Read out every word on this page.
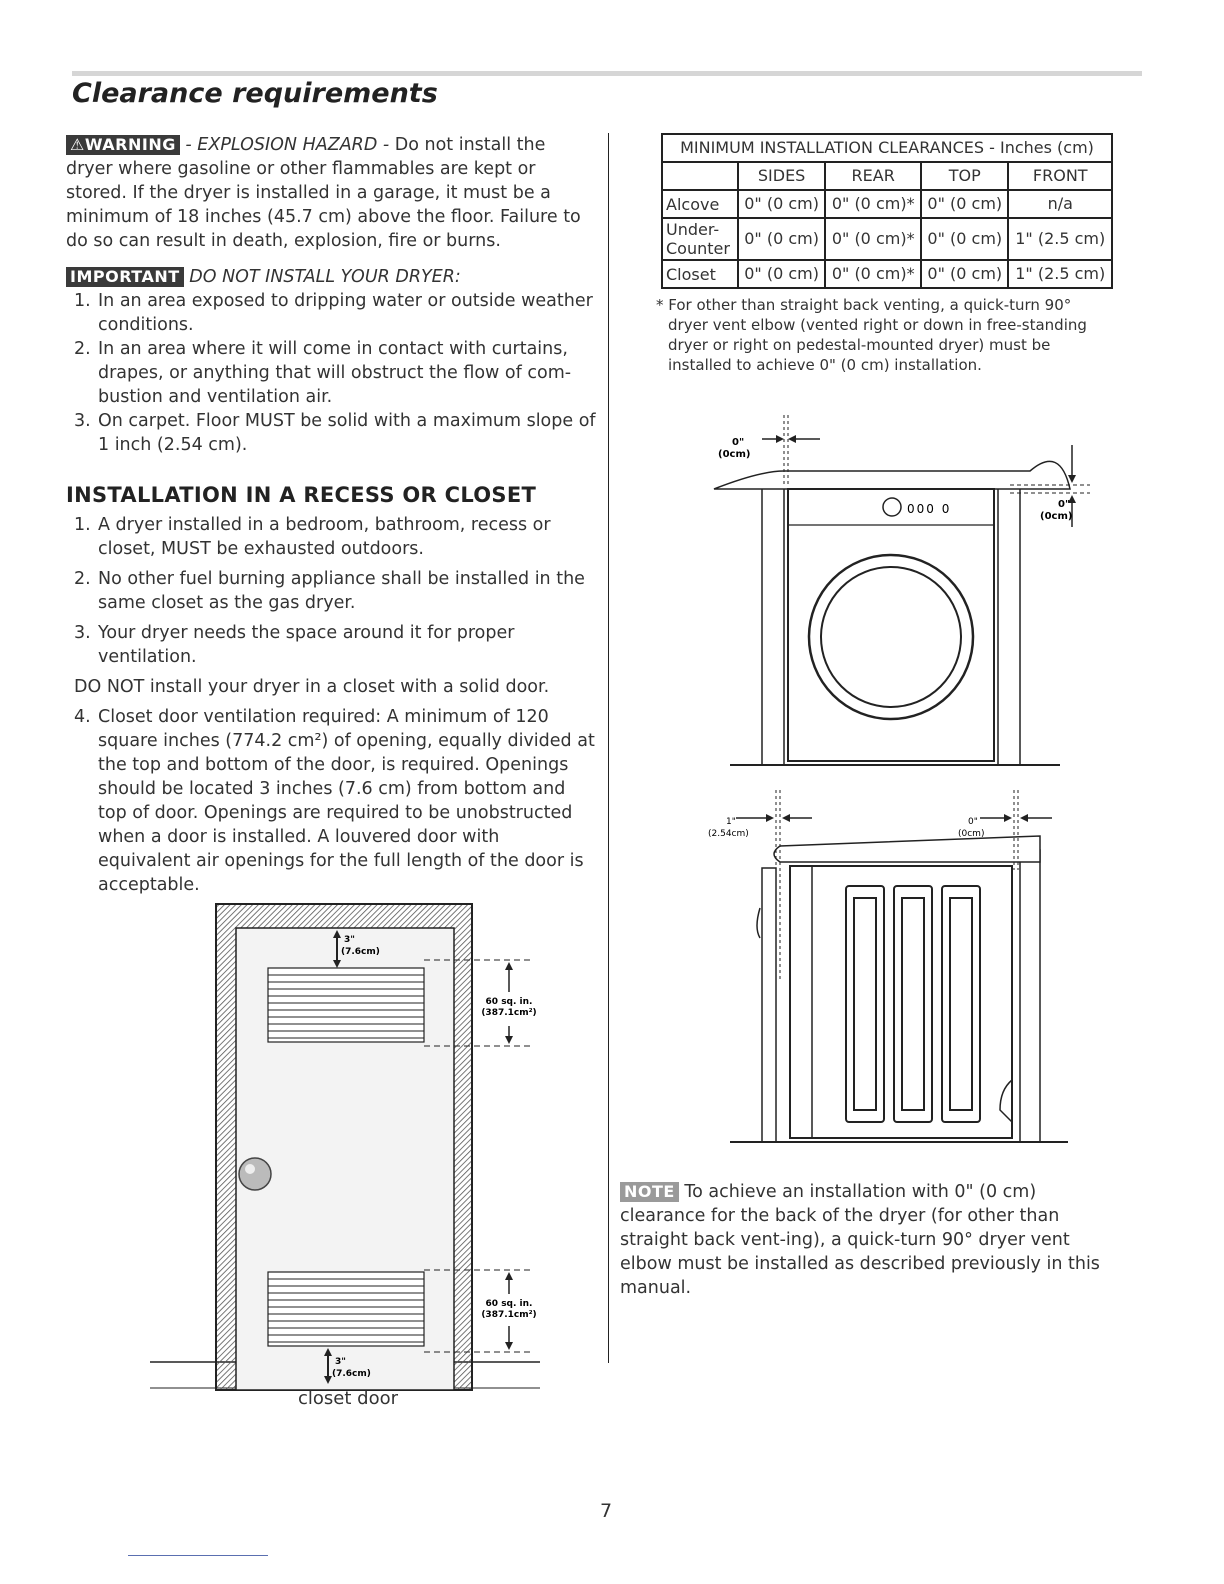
Clearance requirements

⚠WARNING - EXPLOSION HAZARD - Do not install the dryer where gasoline or other flammables are kept or stored. If the dryer is installed in a garage, it must be a minimum of 18 inches (45.7 cm) above the floor. Failure to do so can result in death, explosion, fire or burns.

IMPORTANT DO NOT INSTALL YOUR DRYER:

1. In an area exposed to dripping water or outside weather conditions.
2. In an area where it will come in contact with curtains, drapes, or anything that will obstruct the flow of com-bustion and ventilation air.
3. On carpet. Floor MUST be solid with a maximum slope of 1 inch (2.54 cm).
INSTALLATION IN A RECESS OR CLOSET
1. A dryer installed in a bedroom, bathroom, recess or closet, MUST be exhausted outdoors.
2. No other fuel burning appliance shall be installed in the same closet as the gas dryer.
3. Your dryer needs the space around it for proper ventilation.

DO NOT install your dryer in a closet with a solid door.

4. Closet door ventilation required: A minimum of 120 square inches (774.2 cm²) of opening, equally divided at the top and bottom of the door, is required. Openings should be located 3 inches (7.6 cm) from bottom and top of door. Openings are required to be unobstructed when a door is installed. A louvered door with equivalent air openings for the full length of the door is acceptable.
3"
(7.6cm)
60 sq. in.
(387.1cm²)
60 sq. in.
(387.1cm²)
3"
(7.6cm)
closet door
MINIMUM INSTALLATION CLEARANCES - Inches (cm)				
	SIDES	REAR	TOP	FRONT
Alcove	0" (0 cm)	0" (0 cm)*	0" (0 cm)	n/a
Under-
Counter	0" (0 cm)	0" (0 cm)*	0" (0 cm)	1" (2.5 cm)
Closet	0" (0 cm)	0" (0 cm)*	0" (0 cm)	1" (2.5 cm)

* For other than straight back venting, a quick-turn 90° dryer vent elbow (vented right or down in free-standing dryer or right on pedestal-mounted dryer) must be installed to achieve 0" (0 cm) installation.

000 0
0"
(0cm)
0"
(0cm)
1"
(2.54cm)
0"
(0cm)
NOTE To achieve an installation with 0" (0 cm) clearance for the back of the dryer (for other than straight back vent-ing), a quick-turn 90° dryer vent elbow must be installed as described previously in this manual.
7
